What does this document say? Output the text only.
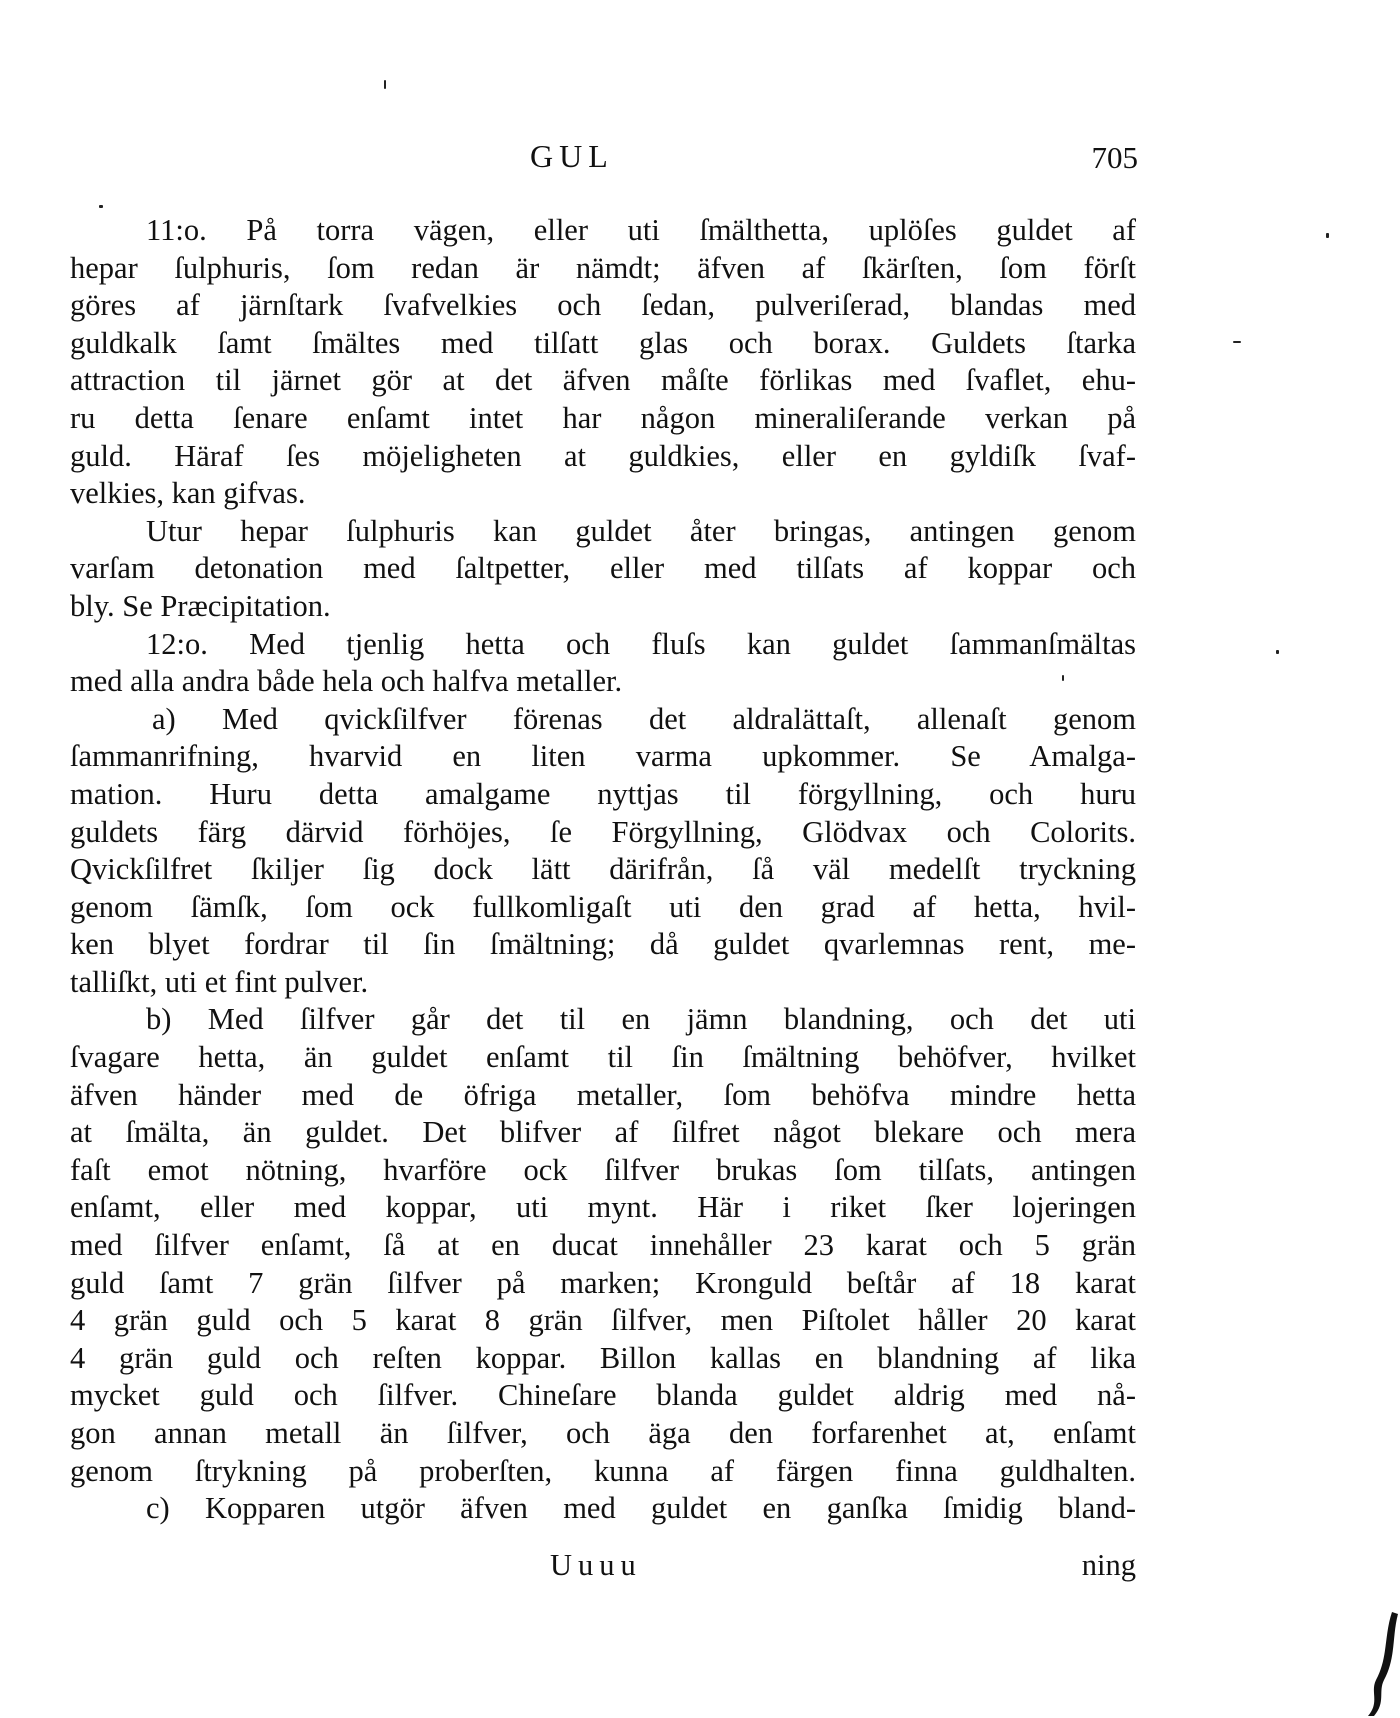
GUL	705
11:o. På torra vägen, eller uti ſmälthetta, uplöſes guldet af
hepar ſulphuris, ſom redan är nämdt; äfven af ſkärſten, ſom förſt
göres af järnſtark ſvafvelkies och ſedan, pulveriſerad, blandas med
guldkalk ſamt ſmältes med tilſatt glas och borax. Guldets ſtarka
attraction til järnet gör at det äfven måſte förlikas med ſvaflet, ehu-
ru detta ſenare enſamt intet har någon mineraliſerande verkan på
guld. Häraf ſes möjeligheten at guldkies, eller en gyldiſk ſvaf-
velkies, kan gifvas.
Utur hepar ſulphuris kan guldet åter bringas, antingen genom
varſam detonation med ſaltpetter, eller med tilſats af koppar och
bly. Se Præcipitation.
12:o. Med tjenlig hetta och fluſs kan guldet ſammanſmältas
med alla andra både hela och halfva metaller.
a) Med qvickſilfver förenas det aldralättaſt, allenaſt genom
ſammanrifning, hvarvid en liten varma upkommer. Se Amalga-
mation. Huru detta amalgame nyttjas til förgyllning, och huru
guldets färg därvid förhöjes, ſe Förgyllning, Glödvax och Colorits.
Qvickſilfret ſkiljer ſig dock lätt därifrån, ſå väl medelſt tryckning
genom ſämſk, ſom ock fullkomligaſt uti den grad af hetta, hvil-
ken blyet fordrar til ſin ſmältning; då guldet qvarlemnas rent, me-
talliſkt, uti et fint pulver.
b) Med ſilfver går det til en jämn blandning, och det uti
ſvagare hetta, än guldet enſamt til ſin ſmältning behöfver, hvilket
äfven händer med de öfriga metaller, ſom behöfva mindre hetta
at ſmälta, än guldet. Det blifver af ſilfret något blekare och mera
faſt emot nötning, hvarföre ock ſilfver brukas ſom tilſats, antingen
enſamt, eller med koppar, uti mynt. Här i riket ſker lojeringen
med ſilfver enſamt, ſå at en ducat innehåller 23 karat och 5 grän
guld ſamt 7 grän ſilfver på marken; Kronguld beſtår af 18 karat
4 grän guld och 5 karat 8 grän ſilfver, men Piſtolet håller 20 karat
4 grän guld och reſten koppar. Billon kallas en blandning af lika
mycket guld och ſilfver. Chineſare blanda guldet aldrig med nå-
gon annan metall än ſilfver, och äga den forfarenhet at, enſamt
genom ſtrykning på proberſten, kunna af färgen finna guldhalten.
c) Kopparen utgör äfven med guldet en ganſka ſmidig bland-
Uuuu	ning
